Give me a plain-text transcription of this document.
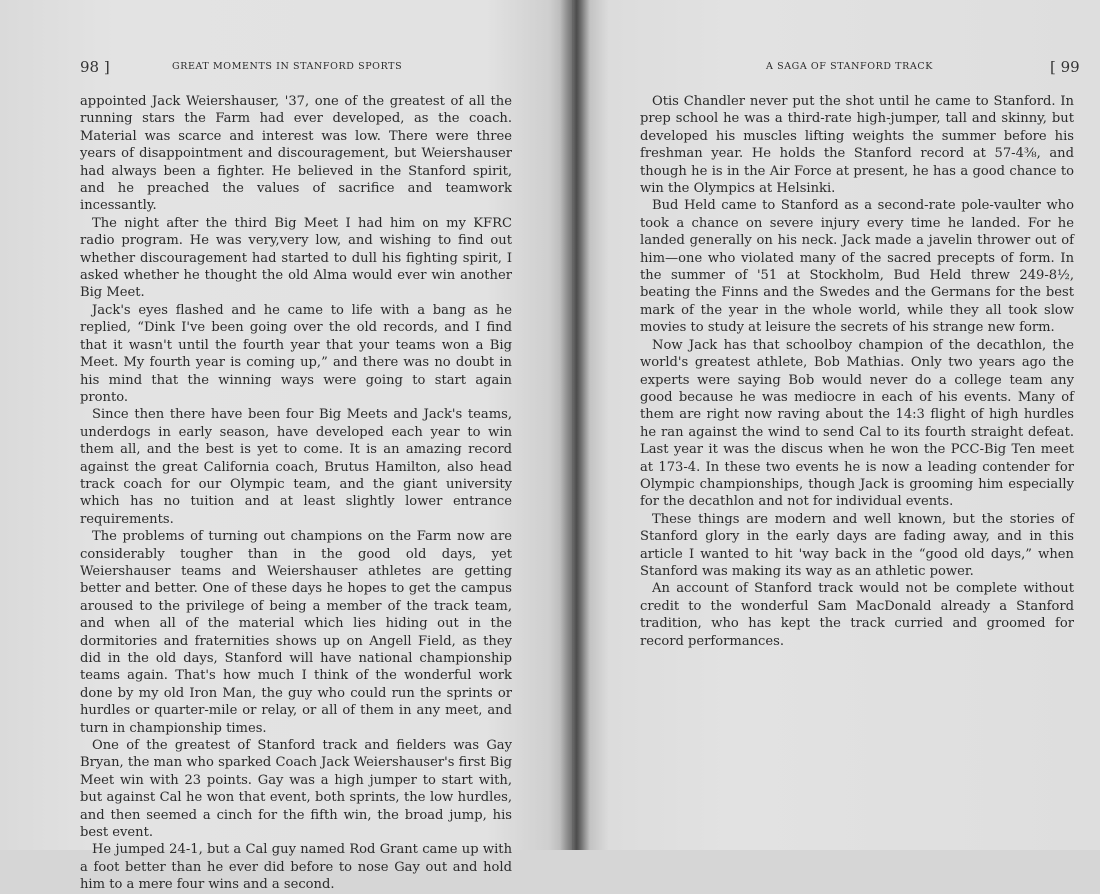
98 ]	GREAT MOMENTS IN STANFORD SPORTS

appointed Jack Weiershauser, '37, one of the greatest of all the running stars the Farm had ever developed, as the coach. Material was scarce and interest was low. There were three years of disappointment and discouragement, but Weiershauser had always been a fighter. He believed in the Stanford spirit, and he preached the values of sacrifice and teamwork incessantly.

The night after the third Big Meet I had him on my KFRC radio program. He was very,very low, and wishing to find out whether discouragement had started to dull his fighting spirit, I asked whether he thought the old Alma would ever win another Big Meet.

Jack's eyes flashed and he came to life with a bang as he replied, “Dink I've been going over the old records, and I find that it wasn't until the fourth year that your teams won a Big Meet. My fourth year is coming up,” and there was no doubt in his mind that the winning ways were going to start again pronto.

Since then there have been four Big Meets and Jack's teams, underdogs in early season, have developed each year to win them all, and the best is yet to come. It is an amazing record against the great California coach, Brutus Hamilton, also head track coach for our Olympic team, and the giant university which has no tuition and at least slightly lower entrance requirements.

The problems of turning out champions on the Farm now are considerably tougher than in the good old days, yet Weiershauser teams and Weiershauser athletes are getting better and better. One of these days he hopes to get the campus aroused to the privilege of being a member of the track team, and when all of the material which lies hiding out in the dormitories and fraternities shows up on Angell Field, as they did in the old days, Stanford will have national championship teams again. That's how much I think of the wonderful work done by my old Iron Man, the guy who could run the sprints or hurdles or quarter-mile or relay, or all of them in any meet, and turn in championship times.

One of the greatest of Stanford track and fielders was Gay Bryan, the man who sparked Coach Jack Weiershauser's first Big Meet win with 23 points. Gay was a high jumper to start with, but against Cal he won that event, both sprints, the low hurdles, and then seemed a cinch for the fifth win, the broad jump, his best event.

He jumped 24-1, but a Cal guy named Rod Grant came up with a foot better than he ever did before to nose Gay out and hold him to a mere four wins and a second.

A SAGA OF STANFORD TRACK	[ 99

Otis Chandler never put the shot until he came to Stanford. In prep school he was a third-rate high-jumper, tall and skinny, but developed his muscles lifting weights the summer before his freshman year. He holds the Stanford record at 57-4⅜, and though he is in the Air Force at present, he has a good chance to win the Olympics at Helsinki.

Bud Held came to Stanford as a second-rate pole-vaulter who took a chance on severe injury every time he landed. For he landed generally on his neck. Jack made a javelin thrower out of him—one who violated many of the sacred precepts of form. In the summer of '51 at Stockholm, Bud Held threw 249-8½, beating the Finns and the Swedes and the Germans for the best mark of the year in the whole world, while they all took slow movies to study at leisure the secrets of his strange new form.

Now Jack has that schoolboy champion of the decathlon, the world's greatest athlete, Bob Mathias. Only two years ago the experts were saying Bob would never do a college team any good because he was mediocre in each of his events. Many of them are right now raving about the 14:3 flight of high hurdles he ran against the wind to send Cal to its fourth straight defeat. Last year it was the discus when he won the PCC-Big Ten meet at 173-4. In these two events he is now a leading contender for Olympic championships, though Jack is grooming him especially for the decathlon and not for individual events.

These things are modern and well known, but the stories of Stanford glory in the early days are fading away, and in this article I wanted to hit 'way back in the “good old days,” when Stanford was making its way as an athletic power.

An account of Stanford track would not be complete without credit to the wonderful Sam MacDonald already a Stanford tradition, who has kept the track curried and groomed for record performances.
